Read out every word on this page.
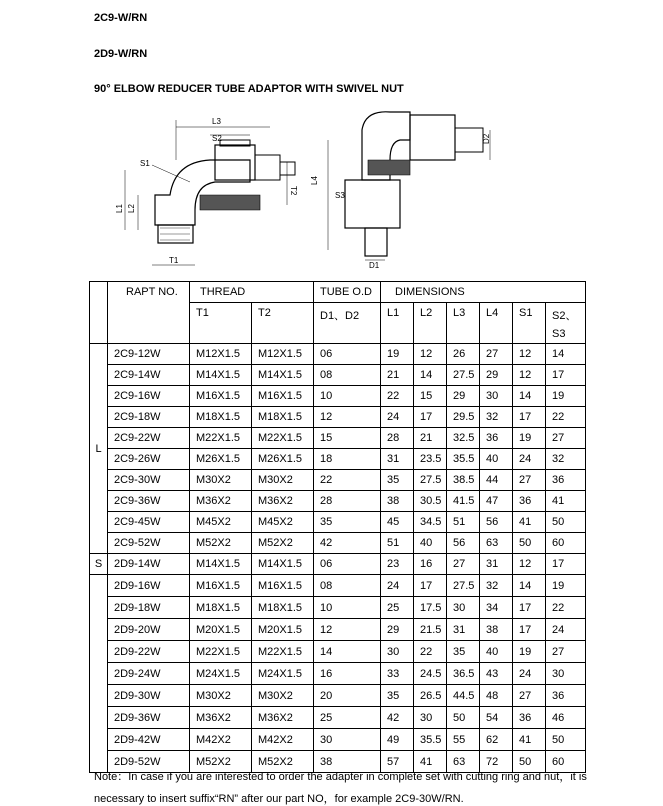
2C9-W/RN

2D9-W/RN

90° ELBOW REDUCER TUBE ADAPTOR WITH SWIVEL NUT

L3
S2
S1
T2
L2
L1
T1
D2
L4
S3
D1
	RAPT NO.	THREAD		TUBE O.D	DIMENSIONS					
		T1	T2	D1、D2	L1	L2	L3	L4	S1	S2、
S3
L	2C9-12W	M12X1.5	M12X1.5	06	19	12	26	27	12	14
	2C9-14W	M14X1.5	M14X1.5	08	21	14	27.5	29	12	17
	2C9-16W	M16X1.5	M16X1.5	10	22	15	29	30	14	19
	2C9-18W	M18X1.5	M18X1.5	12	24	17	29.5	32	17	22
	2C9-22W	M22X1.5	M22X1.5	15	28	21	32.5	36	19	27
	2C9-26W	M26X1.5	M26X1.5	18	31	23.5	35.5	40	24	32
	2C9-30W	M30X2	M30X2	22	35	27.5	38.5	44	27	36
	2C9-36W	M36X2	M36X2	28	38	30.5	41.5	47	36	41
	2C9-45W	M45X2	M45X2	35	45	34.5	51	56	41	50
	2C9-52W	M52X2	M52X2	42	51	40	56	63	50	60
S	2D9-14W	M14X1.5	M14X1.5	06	23	16	27	31	12	17
	2D9-16W	M16X1.5	M16X1.5	08	24	17	27.5	32	14	19
	2D9-18W	M18X1.5	M18X1.5	10	25	17.5	30	34	17	22
	2D9-20W	M20X1.5	M20X1.5	12	29	21.5	31	38	17	24
	2D9-22W	M22X1.5	M22X1.5	14	30	22	35	40	19	27
	2D9-24W	M24X1.5	M24X1.5	16	33	24.5	36.5	43	24	30
	2D9-30W	M30X2	M30X2	20	35	26.5	44.5	48	27	36
	2D9-36W	M36X2	M36X2	25	42	30	50	54	36	46
	2D9-42W	M42X2	M42X2	30	49	35.5	55	62	41	50
	2D9-52W	M52X2	M52X2	38	57	41	63	72	50	60

Note：In case if you are interested to order the adapter in complete set with cutting ring and nut，it is

necessary to insert suffix“RN” after our part NO，for example 2C9-30W/RN.
